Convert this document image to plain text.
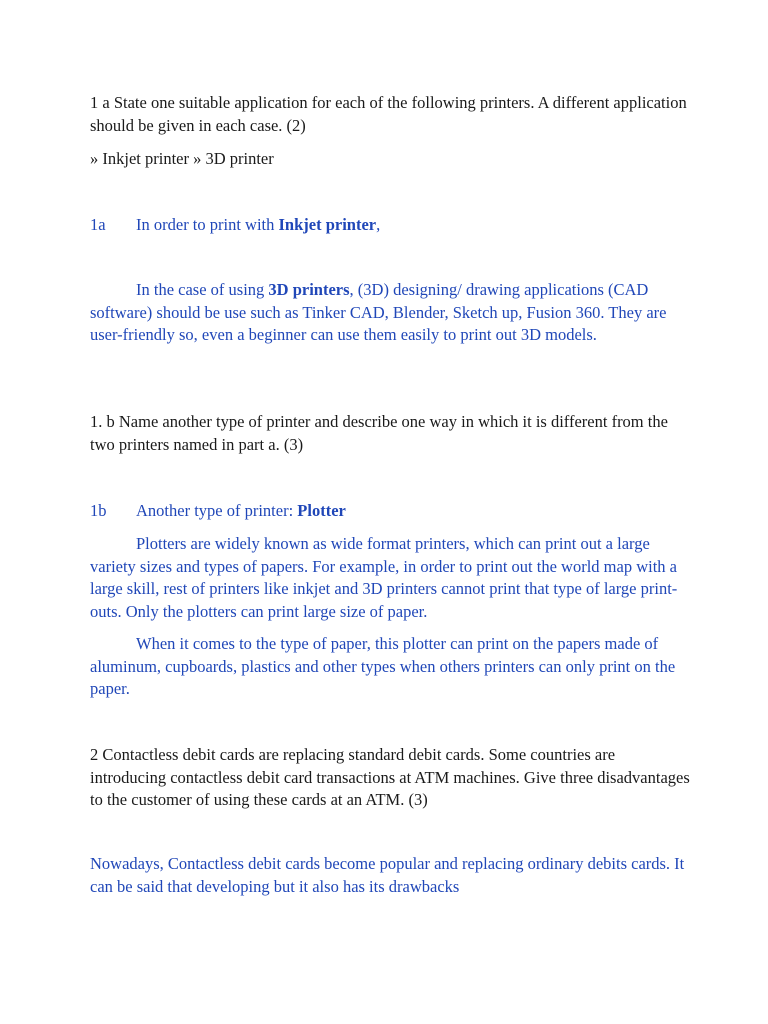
1 a State one suitable application for each of the following printers. A different application should be given in each case. (2)

» Inkjet printer » 3D printer

1a In order to print with Inkjet printer,

In the case of using 3D printers, (3D) designing/ drawing applications (CAD software) should be use such as Tinker CAD, Blender, Sketch up, Fusion 360. They are user-friendly so, even a beginner can use them easily to print out 3D models.

1. b Name another type of printer and describe one way in which it is different from the two printers named in part a. (3)

1b Another type of printer: Plotter

Plotters are widely known as wide format printers, which can print out a large variety sizes and types of papers. For example, in order to print out the world map with a large skill, rest of printers like inkjet and 3D printers cannot print that type of large print-outs. Only the plotters can print large size of paper.

When it comes to the type of paper, this plotter can print on the papers made of aluminum, cupboards, plastics and other types when others printers can only print on the paper.

2 Contactless debit cards are replacing standard debit cards. Some countries are introducing contactless debit card transactions at ATM machines. Give three disadvantages to the customer of using these cards at an ATM. (3)

Nowadays, Contactless debit cards become popular and replacing ordinary debits cards. It can be said that developing but it also has its drawbacks
